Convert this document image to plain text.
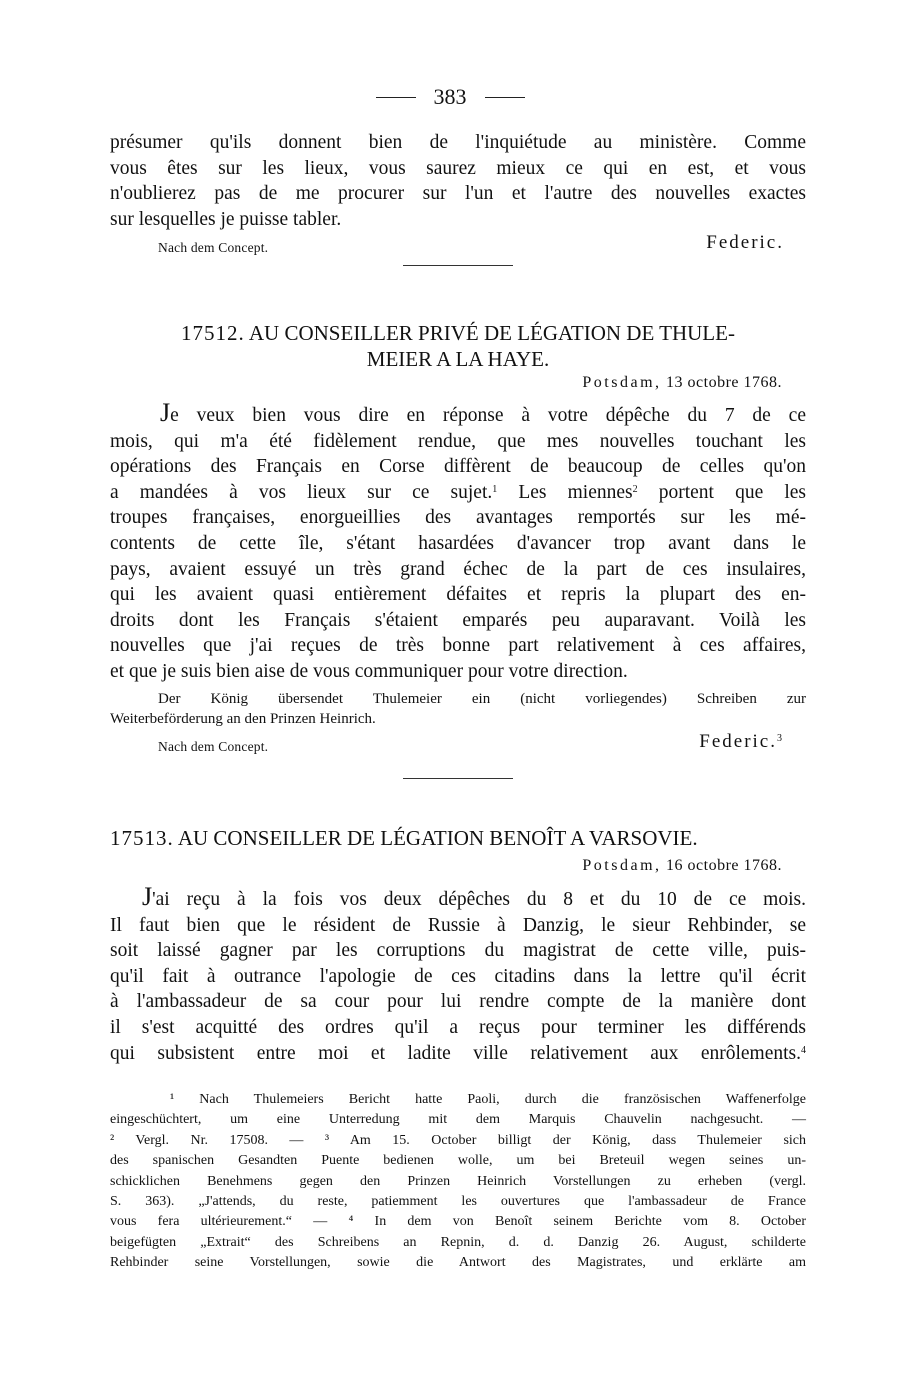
383

présumer qu'ils donnent bien de l'inquiétude au ministère. Comme
vous êtes sur les lieux, vous saurez mieux ce qui en est, et vous
n'oublierez pas de me procurer sur l'un et l'autre des nouvelles exactes
sur lesquelles je puisse tabler.

Nach dem Concept.	Federic.
17512. AU CONSEILLER PRIVÉ DE LÉGATION DE THULE-
MEIER A LA HAYE.
Potsdam, 13 octobre 1768.

Je veux bien vous dire en réponse à votre dépêche du 7 de ce
mois, qui m'a été fidèlement rendue, que mes nouvelles touchant les
opérations des Français en Corse diffèrent de beaucoup de celles qu'on
a mandées à vos lieux sur ce sujet.$^1$ Les miennes$^2$ portent que les
troupes françaises, enorgueillies des avantages remportés sur les mé-
contents de cette île, s'étant hasardées d'avancer trop avant dans le
pays, avaient essuyé un très grand échec de la part de ces insulaires,
qui les avaient quasi entièrement défaites et repris la plupart des en-
droits dont les Français s'étaient emparés peu auparavant. Voilà les
nouvelles que j'ai reçues de très bonne part relativement à ces affaires,
et que je suis bien aise de vous communiquer pour votre direction.

Der König übersendet Thulemeier ein (nicht vorliegendes) Schreiben zur
Weiterbeförderung an den Prinzen Heinrich.
Nach dem Concept.	Federic.$^3$
17513. AU CONSEILLER DE LÉGATION BENOÎT A VARSOVIE.
Potsdam, 16 octobre 1768.

J'ai reçu à la fois vos deux dépêches du 8 et du 10 de ce mois.
Il faut bien que le résident de Russie à Danzig, le sieur Rehbinder, se
soit laissé gagner par les corruptions du magistrat de cette ville, puis-
qu'il fait à outrance l'apologie de ces citadins dans la lettre qu'il écrit
à l'ambassadeur de sa cour pour lui rendre compte de la manière dont
il s'est acquitté des ordres qu'il a reçus pour terminer les différends
qui subsistent entre moi et ladite ville relativement aux enrôlements.$^4$

¹ Nach Thulemeiers Bericht hatte Paoli, durch die französischen Waffenerfolge
eingeschüchtert, um eine Unterredung mit dem Marquis Chauvelin nachgesucht. —
² Vergl. Nr. 17508. — ³ Am 15. October billigt der König, dass Thulemeier sich
des spanischen Gesandten Puente bedienen wolle, um bei Breteuil wegen seines un-
schicklichen Benehmens gegen den Prinzen Heinrich Vorstellungen zu erheben (vergl.
S. 363). „J'attends, du reste, patiemment les ouvertures que l'ambassadeur de France
vous fera ultérieurement.“ — ⁴ In dem von Benoît seinem Berichte vom 8. October
beigefügten „Extrait“ des Schreibens an Repnin, d. d. Danzig 26. August, schilderte
Rehbinder seine Vorstellungen, sowie die Antwort des Magistrates, und erklärte am
